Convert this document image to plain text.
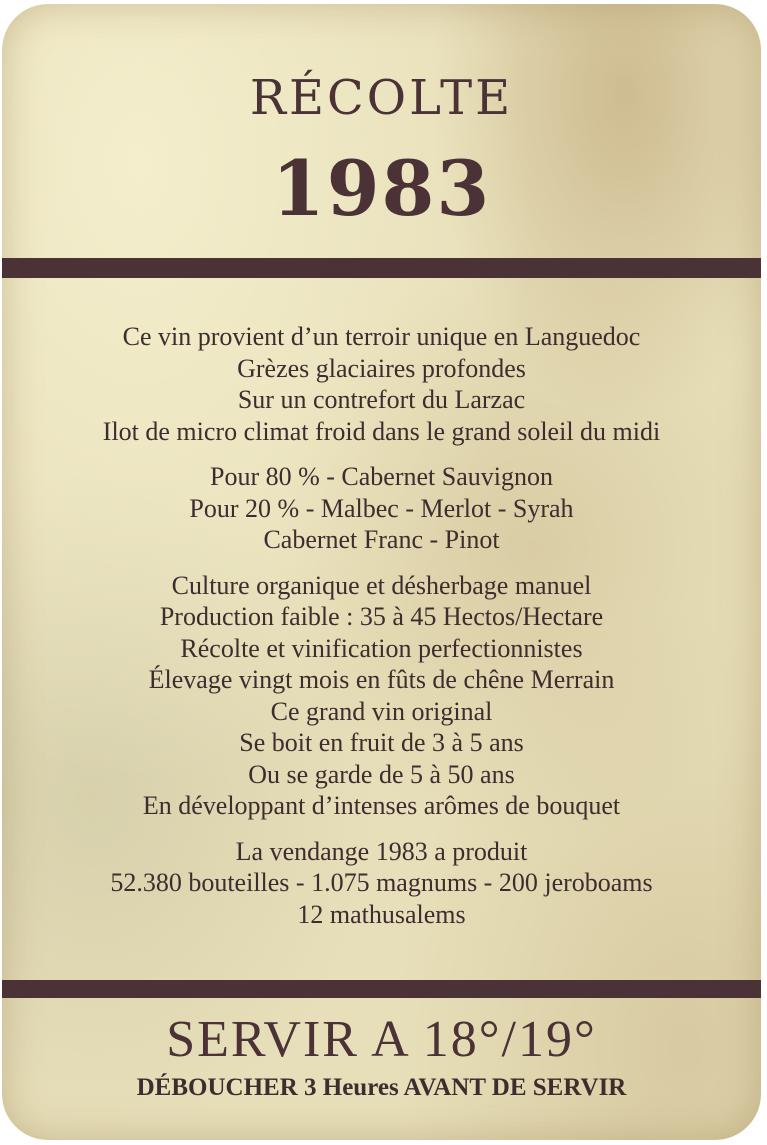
RÉCOLTE
1983
Ce vin provient d’un terroir unique en Languedoc
Grèzes glaciaires profondes
Sur un contrefort du Larzac
Ilot de micro climat froid dans le grand soleil du midi
Pour 80 % - Cabernet Sauvignon
Pour 20 % - Malbec - Merlot - Syrah
Cabernet Franc - Pinot
Culture organique et désherbage manuel
Production faible : 35 à 45 Hectos/Hectare
Récolte et vinification perfectionnistes
Élevage vingt mois en fûts de chêne Merrain
Ce grand vin original
Se boit en fruit de 3 à 5 ans
Ou se garde de 5 à 50 ans
En développant d’intenses arômes de bouquet
La vendange 1983 a produit
52.380 bouteilles - 1.075 magnums - 200 jeroboams
12 mathusalems
SERVIR A 18°/19°
DÉBOUCHER 3 Heures AVANT DE SERVIR
